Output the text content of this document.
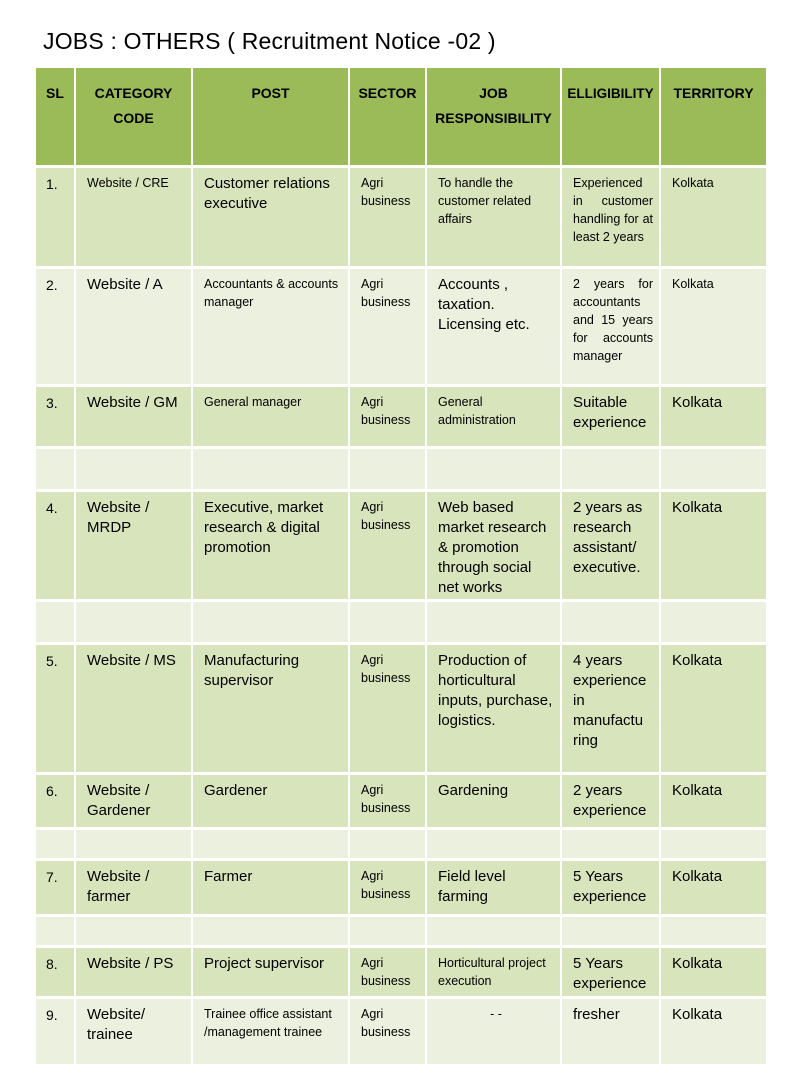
JOBS : OTHERS ( Recruitment Notice -02 )
SL	CATEGORY CODE	POST	SECTOR	JOB RESPONSIBILITY	ELLIGIBILITY	TERRITORY

1.	Website / CRE	Customer relations executive	Agri business	To handle the customer related affairs	Experienced in customer handling for at least 2 years	Kolkata

2.	Website / A	Accountants & accounts manager	Agri business	Accounts , taxation. Licensing etc.	2 years for accountants and 15 years for accounts manager	Kolkata

3.	Website / GM	General manager	Agri business	General administration	Suitable experience	Kolkata

4.	Website / MRDP	Executive, market research & digital promotion	Agri business	Web based market research & promotion through social net works	2 years as research assistant/ executive.	Kolkata

5.	Website / MS	Manufacturing supervisor	Agri business	Production of horticultural inputs, purchase, logistics.	4 years experience in manufactu ring	Kolkata

6.	Website / Gardener	Gardener	Agri business	Gardening	2 years experience	Kolkata

7.	Website / farmer	Farmer	Agri business	Field level farming	5 Years experience	Kolkata

8.	Website / PS	Project supervisor	Agri business	Horticultural project execution	5 Years experience	Kolkata

9.	Website/ trainee	Trainee office assistant /management trainee	Agri business	- -	fresher	Kolkata
